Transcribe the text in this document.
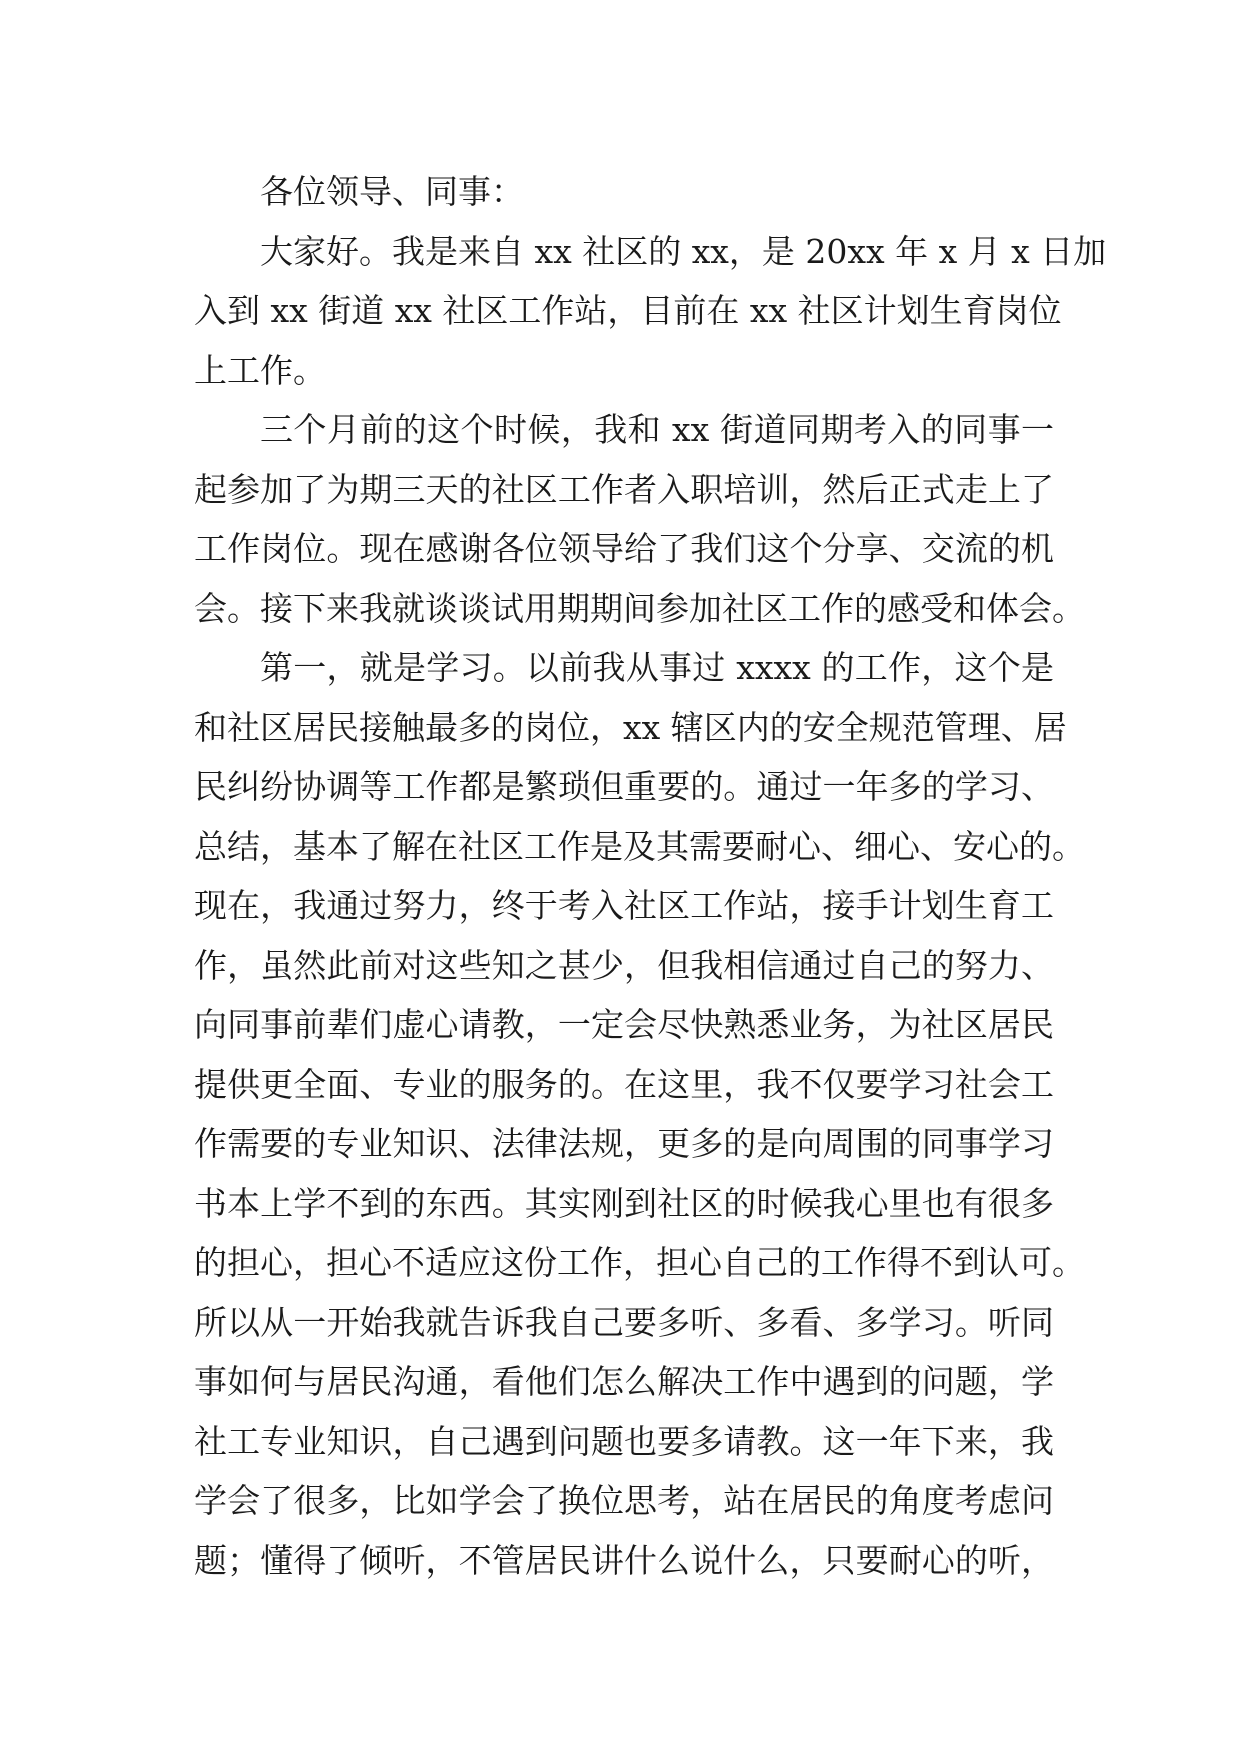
各位领导、同事：
大家好。我是来自 xx 社区的 xx，是 20xx 年 x 月 x 日加
入到 xx 街道 xx 社区工作站，目前在 xx 社区计划生育岗位
上工作。
三个月前的这个时候，我和 xx 街道同期考入的同事一
起参加了为期三天的社区工作者入职培训，然后正式走上了
工作岗位。现在感谢各位领导给了我们这个分享、交流的机
会。接下来我就谈谈试用期期间参加社区工作的感受和体会。
第一，就是学习。以前我从事过 xxxx 的工作，这个是
和社区居民接触最多的岗位，xx 辖区内的安全规范管理、居
民纠纷协调等工作都是繁琐但重要的。通过一年多的学习、
总结，基本了解在社区工作是及其需要耐心、细心、安心的。
现在，我通过努力，终于考入社区工作站，接手计划生育工
作，虽然此前对这些知之甚少，但我相信通过自己的努力、
向同事前辈们虚心请教，一定会尽快熟悉业务，为社区居民
提供更全面、专业的服务的。在这里，我不仅要学习社会工
作需要的专业知识、法律法规，更多的是向周围的同事学习
书本上学不到的东西。其实刚到社区的时候我心里也有很多
的担心，担心不适应这份工作，担心自己的工作得不到认可。
所以从一开始我就告诉我自己要多听、多看、多学习。听同
事如何与居民沟通，看他们怎么解决工作中遇到的问题，学
社工专业知识，自己遇到问题也要多请教。这一年下来，我
学会了很多，比如学会了换位思考，站在居民的角度考虑问
题；懂得了倾听，不管居民讲什么说什么，只要耐心的听，
